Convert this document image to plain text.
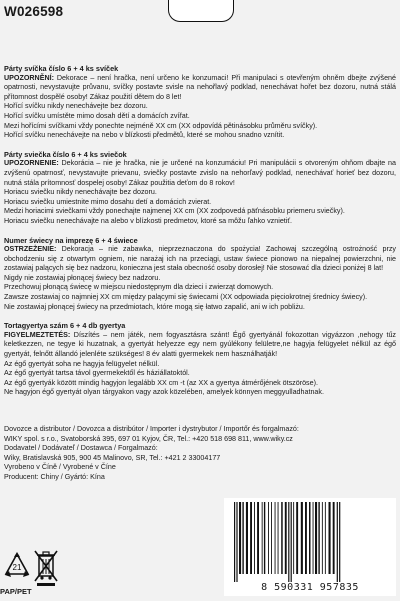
W026598
Párty svíčka číslo 6 + 4 ks svíček

UPOZORNĚNÍ: Dekorace – není hračka, není určeno ke konzumaci! Při manipulaci s otevřeným ohněm dbejte zvýšené opatrnosti, nevystavujte průvanu, svíčky postavte svisle na nehořlavý podklad, nenechávat hořet bez dozoru, nutná stálá přítomnost dospělé osoby! Zákaz použití dětem do 8 let!

Hořící svíčku nikdy nenechávejte bez dozoru.

Hořící svíčku umístěte mimo dosah dětí a domácích zvířat.

Mezi hořícími svíčkami vždy ponechte nejméně XX cm (XX odpovídá pětinásobku průměru svíčky).

Hořící svíčku nenechávejte na nebo v blízkosti předmětů, které se mohou snadno vznítit.

Párty sviečka číslo 6 + 4 ks sviečok

UPOZORNENIE: Dekorácia – nie je hračka, nie je určené na konzumáciu! Pri manipulácii s otvoreným ohňom dbajte na zvýšenú opatrnosť, nevystavujte prievanu, sviečky postavte zvislo na nehorľavý podklad, nenechávať horieť bez dozoru, nutná stála prítomnosť dospelej osoby! Zákaz použitia deťom do 8 rokov!

Horiacu sviečku nikdy nenechávajte bez dozoru.

Horiacu sviečku umiestnite mimo dosahu detí a domácich zvierat.

Medzi horiacimi sviečkami vždy ponechajte najmenej XX cm (XX zodpovedá päťnásobku priemeru sviečky).

Horiacu sviečku nenechávajte na alebo v blízkosti predmetov, ktoré sa môžu ľahko vznietiť.

Numer świecy na imprezę 6 + 4 świece

OSTRZEŻENIE: Dekoracja – nie zabawka, nieprzeznaczona do spożycia! Zachowaj szczególną ostrożność przy obchodzeniu się z otwartym ogniem, nie narażaj ich na przeciągi, ustaw świece pionowo na niepalnej powierzchni, nie zostawiaj palących się bez nadzoru, konieczna jest stała obecność osoby dorosłej! Nie stosować dla dzieci poniżej 8 lat!

Nigdy nie zostawiaj płonącej świecy bez nadzoru.

Przechowuj płonącą świecę w miejscu niedostępnym dla dzieci i zwierząt domowych.

Zawsze zostawiaj co najmniej XX cm między palącymi się świecami (XX odpowiada pięciokrotnej średnicy świecy).

Nie zostawiaj płonącej świecy na przedmiotach, które mogą się łatwo zapalić, ani w ich pobliżu.

Tortagyertya szám 6 + 4 db gyertya

FIGYELMEZTETÉS: Díszítés – nem játék, nem fogyasztásra szánt! Égő gyertyánál fokozottan vigyázzon ,nehogy tűz keletkezzen, ne tegye ki huzatnak, a gyertyát helyezze egy nem gyúlékony felületre,ne hagyja felügyelet nélkül az égő gyertyát, felnőtt állandó jelenléte szükséges! 8 év alatti gyermekek nem használhatják!

Az égő gyertyát soha ne hagyja felügyelet nélkül.

Az égő gyertyát tartsa távol gyermekektől és háziállatoktól.

Az égő gyertyák között mindig hagyjon legalább XX cm -t (az XX a gyertya átmérőjének ötszöröse).

Ne hagyjon égő gyertyát olyan tárgyakon vagy azok közelében, amelyek könnyen meggyulladhatnak.

Dovozce a distributor / Dovozca a distribútor / Importer i dystrybutor / Importőr és forgalmazó:

WIKY spol. s r.o., Svatoborská 395, 697 01 Kyjov, ČR, Tel.: +420 518 698 811, www.wiky.cz

Dodavatel / Dodávateľ / Dostawca / Forgalmazó:

Wiky, Bratislavská 905, 900 45 Malinovo, SR, Tel.: +421 2 33004177

Vyrobeno v Číně / Vyrobené v Číne

Producent: Chiny / Gyártó: Kína

21
PAP/PET	8 590331 957835
